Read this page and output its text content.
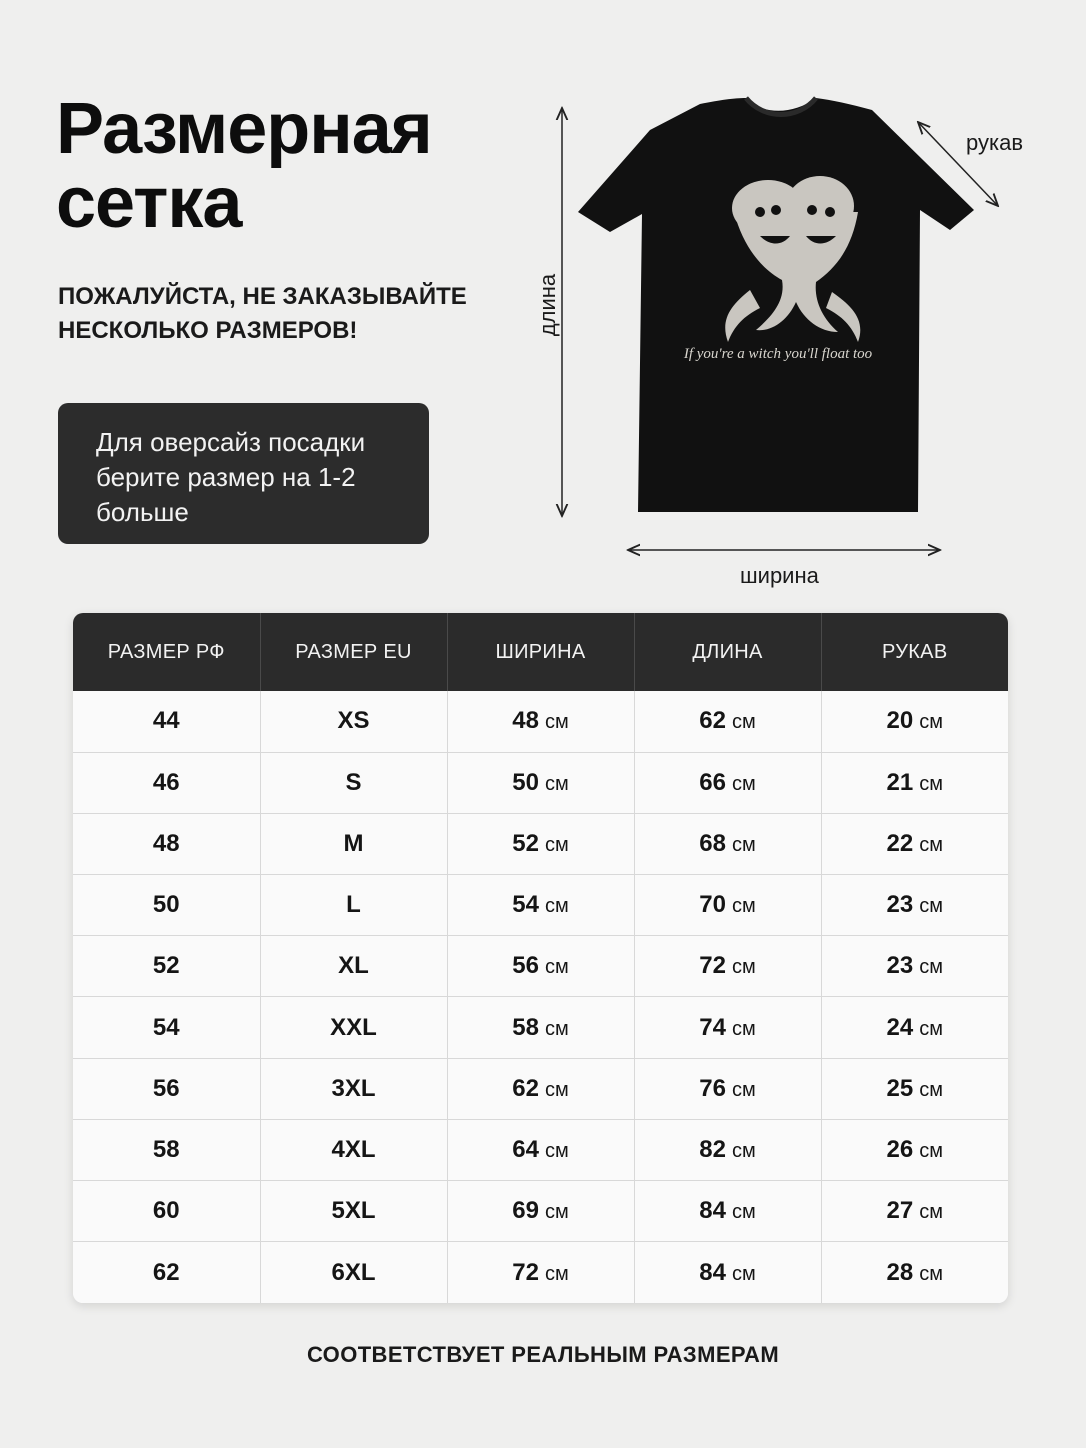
Размерная
сетка

ПОЖАЛУЙСТА, НЕ ЗАКАЗЫВАЙТЕ
НЕСКОЛЬКО РАЗМЕРОВ!

Для оверсайз посадки
берите размер на 1-2
больше
If you're a witch you'll float too
рукав
ширина
длина
РАЗМЕР РФ	РАЗМЕР EU	ШИРИНА	ДЛИНА	РУКАВ
44	XS	48 см	62 см	20 см
46	S	50 см	66 см	21 см
48	M	52 см	68 см	22 см
50	L	54 см	70 см	23 см
52	XL	56 см	72 см	23 см
54	XXL	58 см	74 см	24 см
56	3XL	62 см	76 см	25 см
58	4XL	64 см	82 см	26 см
60	5XL	69 см	84 см	27 см
62	6XL	72 см	84 см	28 см

СООТВЕТСТВУЕТ РЕАЛЬНЫМ РАЗМЕРАМ
